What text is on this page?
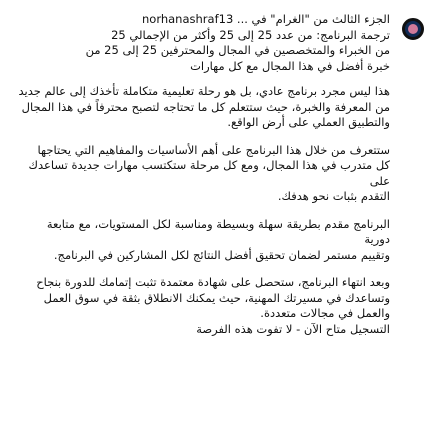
الجزء الثالث من "الغرام" في ... norhanashraf13

ترجمة البرنامج: من عدد 25 إلى 25 وأكثر من الإجمالي 25

من الخبراء والمتخصصين في المجال والمحترفين 25 إلى 25 من

خبرة أفضل في هذا المجال مع كل مهارات

هذا ليس مجرد برنامج عادي، بل هو رحلة تعليمية متكاملة تأخذك إلى عالم جديد

من المعرفة والخبرة، حيث ستتعلم كل ما تحتاجه لتصبح محترفاً في هذا المجال

والتطبيق العملي على أرض الواقع.

ستتعرف من خلال هذا البرنامج على أهم الأساسيات والمفاهيم التي يحتاجها

كل متدرب في هذا المجال، ومع كل مرحلة ستكتسب مهارات جديدة تساعدك على

التقدم بثبات نحو هدفك.

البرنامج مقدم بطريقة سهلة وبسيطة ومناسبة لكل المستويات، مع متابعة دورية

وتقييم مستمر لضمان تحقيق أفضل النتائج لكل المشاركين في البرنامج.

وبعد انتهاء البرنامج، ستحصل على شهادة معتمدة تثبت إتمامك للدورة بنجاح

وتساعدك في مسيرتك المهنية، حيث يمكنك الانطلاق بثقة في سوق العمل

والعمل في مجالات متعددة.

التسجيل متاح الآن - لا تفوت هذه الفرصة
